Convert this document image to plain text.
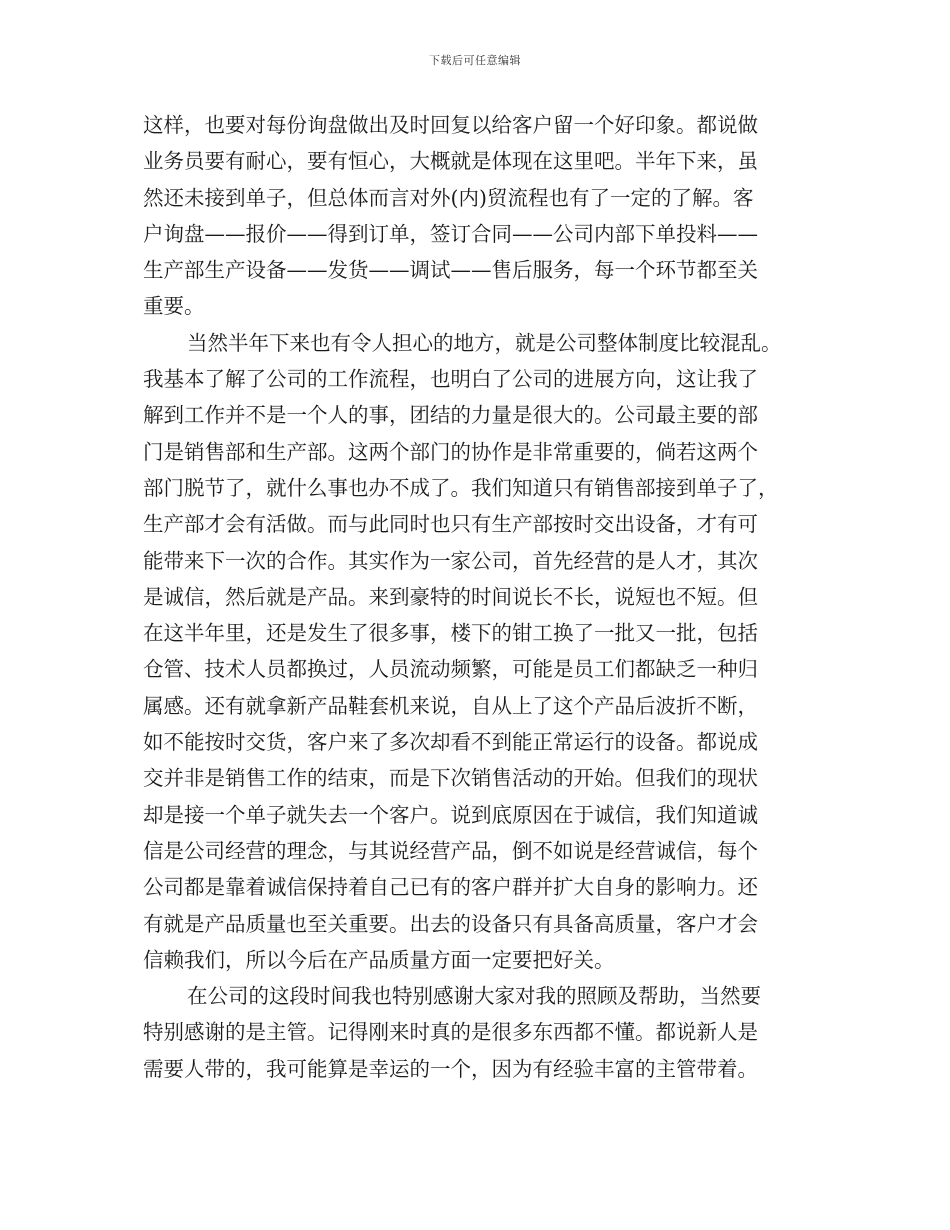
下载后可任意编辑
这样，也要对每份询盘做出及时回复以给客户留一个好印象。都说做
业务员要有耐心，要有恒心，大概就是体现在这里吧。半年下来，虽
然还未接到单子，但总体而言对外(内)贸流程也有了一定的了解。客
户询盘——报价——得到订单，签订合同——公司内部下单投料——
生产部生产设备——发货——调试——售后服务，每一个环节都至关
重要。
当然半年下来也有令人担心的地方，就是公司整体制度比较混乱。
我基本了解了公司的工作流程，也明白了公司的进展方向，这让我了
解到工作并不是一个人的事，团结的力量是很大的。公司最主要的部
门是销售部和生产部。这两个部门的协作是非常重要的，倘若这两个
部门脱节了，就什么事也办不成了。我们知道只有销售部接到单子了，
生产部才会有活做。而与此同时也只有生产部按时交出设备，才有可
能带来下一次的合作。其实作为一家公司，首先经营的是人才，其次
是诚信，然后就是产品。来到豪特的时间说长不长，说短也不短。但
在这半年里，还是发生了很多事，楼下的钳工换了一批又一批，包括
仓管、技术人员都换过，人员流动频繁，可能是员工们都缺乏一种归
属感。还有就拿新产品鞋套机来说，自从上了这个产品后波折不断，
如不能按时交货，客户来了多次却看不到能正常运行的设备。都说成
交并非是销售工作的结束，而是下次销售活动的开始。但我们的现状
却是接一个单子就失去一个客户。说到底原因在于诚信，我们知道诚
信是公司经营的理念，与其说经营产品，倒不如说是经营诚信，每个
公司都是靠着诚信保持着自己已有的客户群并扩大自身的影响力。还
有就是产品质量也至关重要。出去的设备只有具备高质量，客户才会
信赖我们，所以今后在产品质量方面一定要把好关。
在公司的这段时间我也特别感谢大家对我的照顾及帮助，当然要
特别感谢的是主管。记得刚来时真的是很多东西都不懂。都说新人是
需要人带的，我可能算是幸运的一个，因为有经验丰富的主管带着。
